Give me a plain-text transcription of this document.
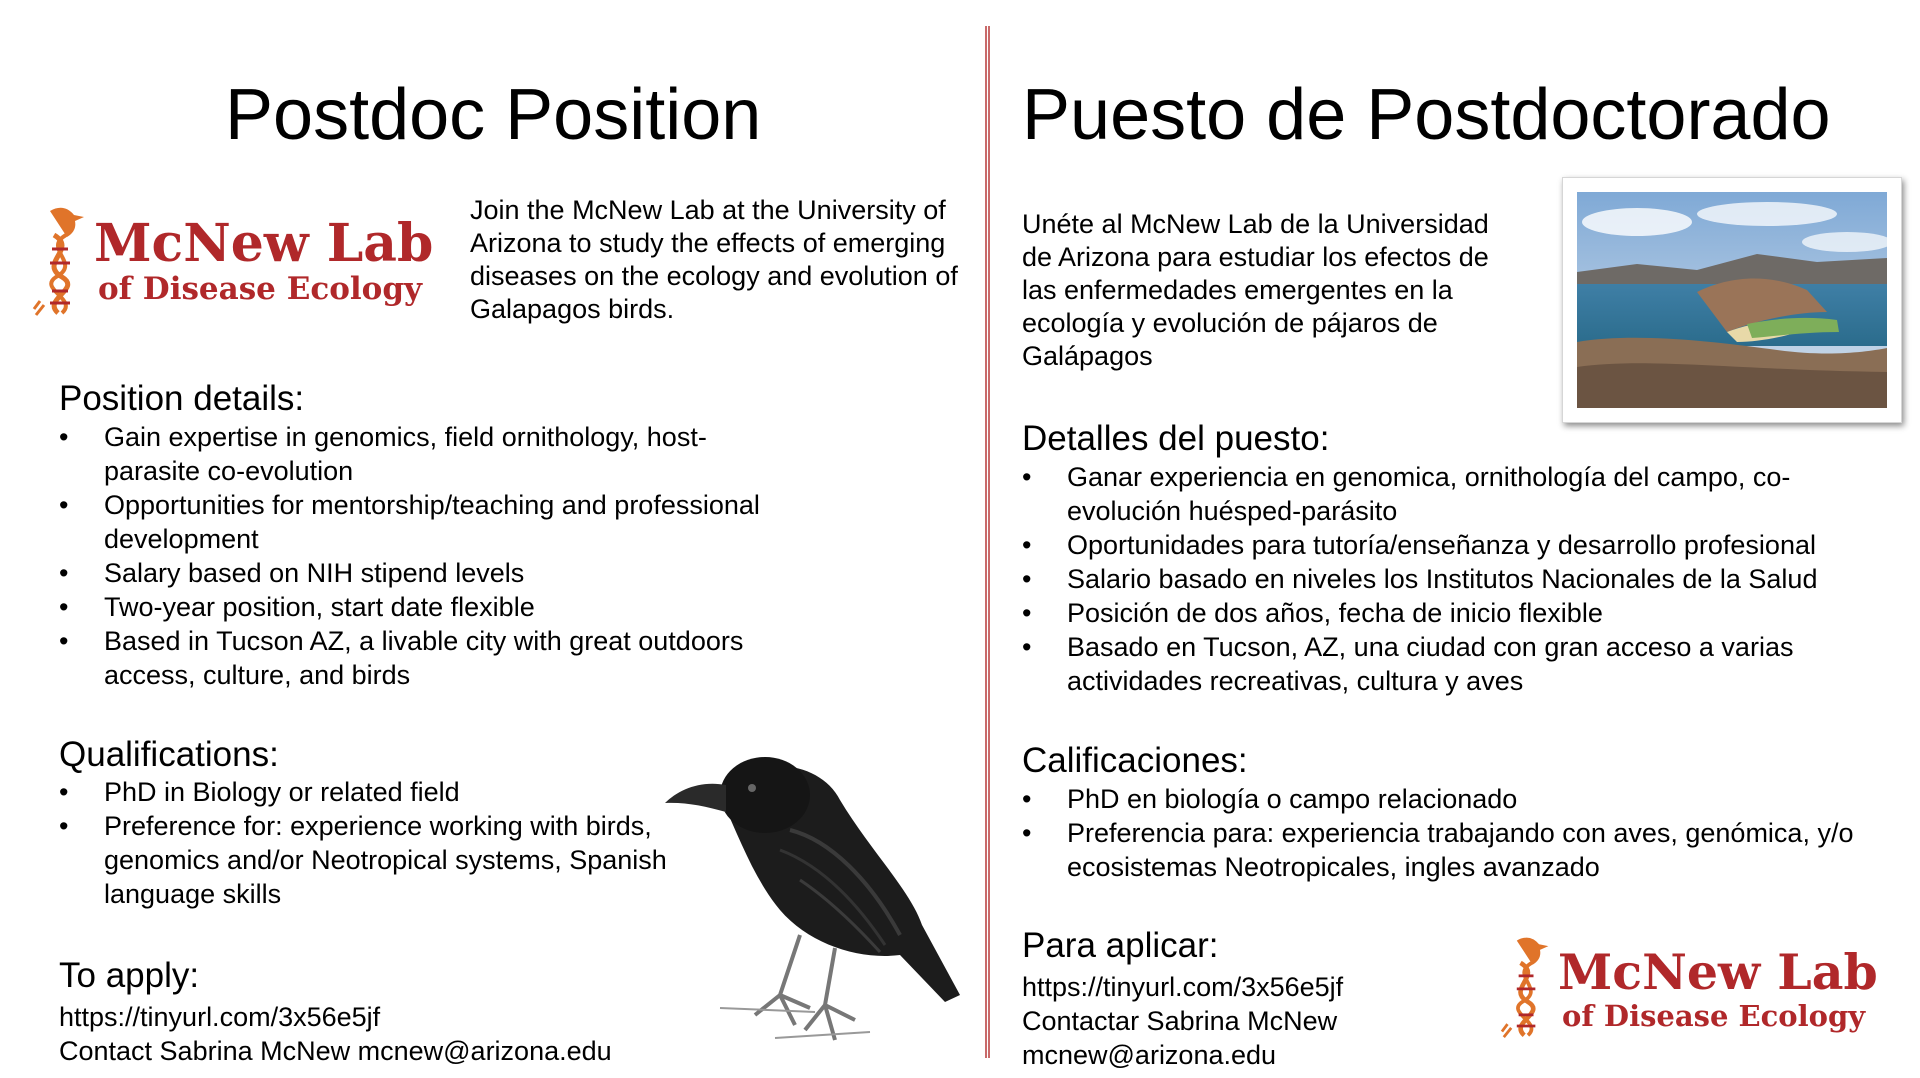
Postdoc Position
McNew Lab
of Disease Ecology
Join the McNew Lab at the University of Arizona to study the effects of emerging diseases on the ecology and evolution of Galapagos birds.
Position details:
• Gain expertise in genomics, field ornithology, host-parasite co-evolution
• Opportunities for mentorship/teaching and professional development
• Salary based on NIH stipend levels
• Two-year position, start date flexible
• Based in Tucson AZ, a livable city with great outdoors access, culture, and birds
Qualifications:
• PhD in Biology or related field
• Preference for: experience working with birds, genomics and/or Neotropical systems, Spanish language skills
To apply:
https://tinyurl.com/3x56e5jf
Contact Sabrina McNew mcnew@arizona.edu
Puesto de Postdoctorado
Unéte al McNew Lab de la Universidad de Arizona para estudiar los efectos de las enfermedades emergentes en la ecología y evolución de pájaros de Galápagos
Detalles del puesto:
• Ganar experiencia en genomica, ornithología del campo, co-evolución huésped-parásito
• Oportunidades para tutoría/enseñanza y desarrollo profesional
• Salario basado en niveles los Institutos Nacionales de la Salud
• Posición de dos años, fecha de inicio flexible
• Basado en Tucson, AZ, una ciudad con gran acceso a varias actividades recreativas, cultura y aves
Calificaciones:
• PhD en biología o campo relacionado
• Preferencia para: experiencia trabajando con aves, genómica, y/o ecosistemas Neotropicales, ingles avanzado
Para aplicar:
https://tinyurl.com/3x56e5jf
Contactar Sabrina McNew
mcnew@arizona.edu
McNew Lab
of Disease Ecology
